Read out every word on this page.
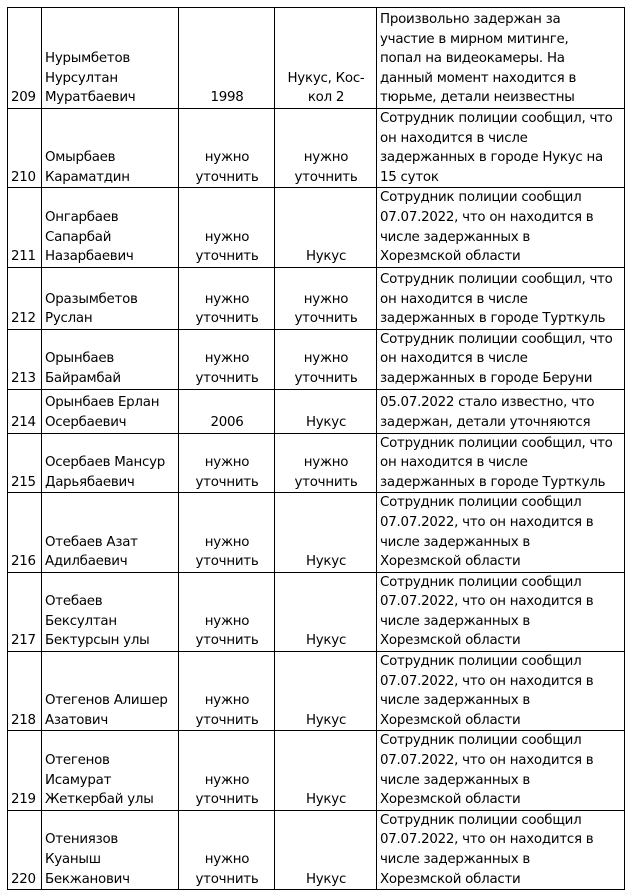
209	Нурымбетов
Нурсултан
Муратбаевич	1998	Нукус, Кос-
кол 2	Произвольно задержан за
участие в мирном митинге,
попал на видеокамеры. На
данный момент находится в
тюрьме, детали неизвестны
210	Омырбаев
Караматдин	нужно
уточнить	нужно
уточнить	Сотрудник полиции сообщил, что
он находится в числе
задержанных в городе Нукус на
15 суток
211	Онгарбаев
Сапарбай
Назарбаевич	нужно
уточнить	Нукус	Сотрудник полиции сообщил
07.07.2022, что он находится в
числе задержанных в
Хорезмской области
212	Оразымбетов
Руслан	нужно
уточнить	нужно
уточнить	Сотрудник полиции сообщил, что
он находится в числе
задержанных в городе Турткуль
213	Орынбаев
Байрамбай	нужно
уточнить	нужно
уточнить	Сотрудник полиции сообщил, что
он находится в числе
задержанных в городе Беруни
214	Орынбаев Ерлан
Осербаевич	2006	Нукус	05.07.2022 стало известно, что
задержан, детали уточняются
215	Осербаев Мансур
Дарьябаевич	нужно
уточнить	нужно
уточнить	Сотрудник полиции сообщил, что
он находится в числе
задержанных в городе Турткуль
216	Отебаев Азат
Адилбаевич	нужно
уточнить	Нукус	Сотрудник полиции сообщил
07.07.2022, что он находится в
числе задержанных в
Хорезмской области
217	Отебаев
Бексултан
Бектурсын улы	нужно
уточнить	Нукус	Сотрудник полиции сообщил
07.07.2022, что он находится в
числе задержанных в
Хорезмской области
218	Отегенов Алишер
Азатович	нужно
уточнить	Нукус	Сотрудник полиции сообщил
07.07.2022, что он находится в
числе задержанных в
Хорезмской области
219	Отегенов
Исамурат
Жеткербай улы	нужно
уточнить	Нукус	Сотрудник полиции сообщил
07.07.2022, что он находится в
числе задержанных в
Хорезмской области
220	Отениязов
Куаныш
Бекжанович	нужно
уточнить	Нукус	Сотрудник полиции сообщил
07.07.2022, что он находится в
числе задержанных в
Хорезмской области
